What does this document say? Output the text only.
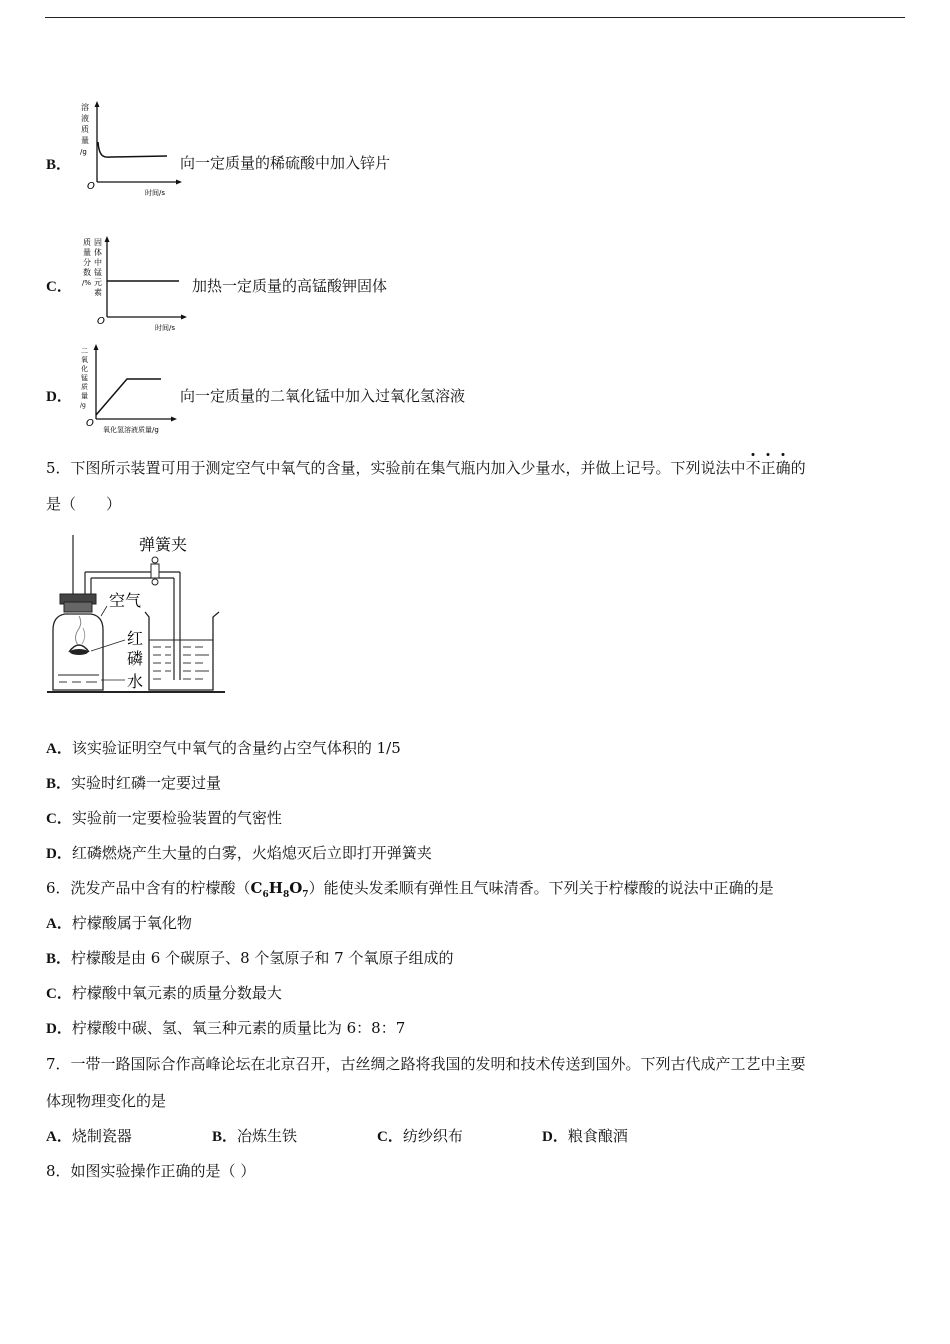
B．
溶
液
质
量
/g
O
时间/s
向一定质量的稀硫酸中加入锌片
C．
质
量
分
数
/%
固
体
中
锰
元
素
O
时间/s
加热一定质量的高锰酸钾固体
D．
二
氧
化
锰
质
量
/g
O
氧化氢溶液质量/g
向一定质量的二氧化锰中加入过氧化氢溶液
5．下图所示装置可用于测定空气中氧气的含量，实验前在集气瓶内加入少量水，并做上记号。下列说法中不正确的
是（　　）
弹簧夹
空气
红
磷
水
A．该实验证明空气中氧气的含量约占空气体积的 1/5
B．实验时红磷一定要过量
C．实验前一定要检验装置的气密性
D．红磷燃烧产生大量的白雾，火焰熄灭后立即打开弹簧夹
6．洗发产品中含有的柠檬酸$(C_6H_8O_7)$能使头发柔顺有弹性且气味清香。下列关于柠檬酸的说法中正确的是
A．柠檬酸属于氧化物
B．柠檬酸是由 6 个碳原子、8 个氢原子和 7 个氧原子组成的
C．柠檬酸中氧元素的质量分数最大
D．柠檬酸中碳、氢、氧三种元素的质量比为 6：8：7
7．一带一路国际合作高峰论坛在北京召开，古丝绸之路将我国的发明和技术传送到国外。下列古代成产工艺中主要
体现物理变化的是
A．烧制瓷器	B．冶炼生铁	C．纺纱织布	D．粮食酿酒
8．如图实验操作正确的是（ ）
